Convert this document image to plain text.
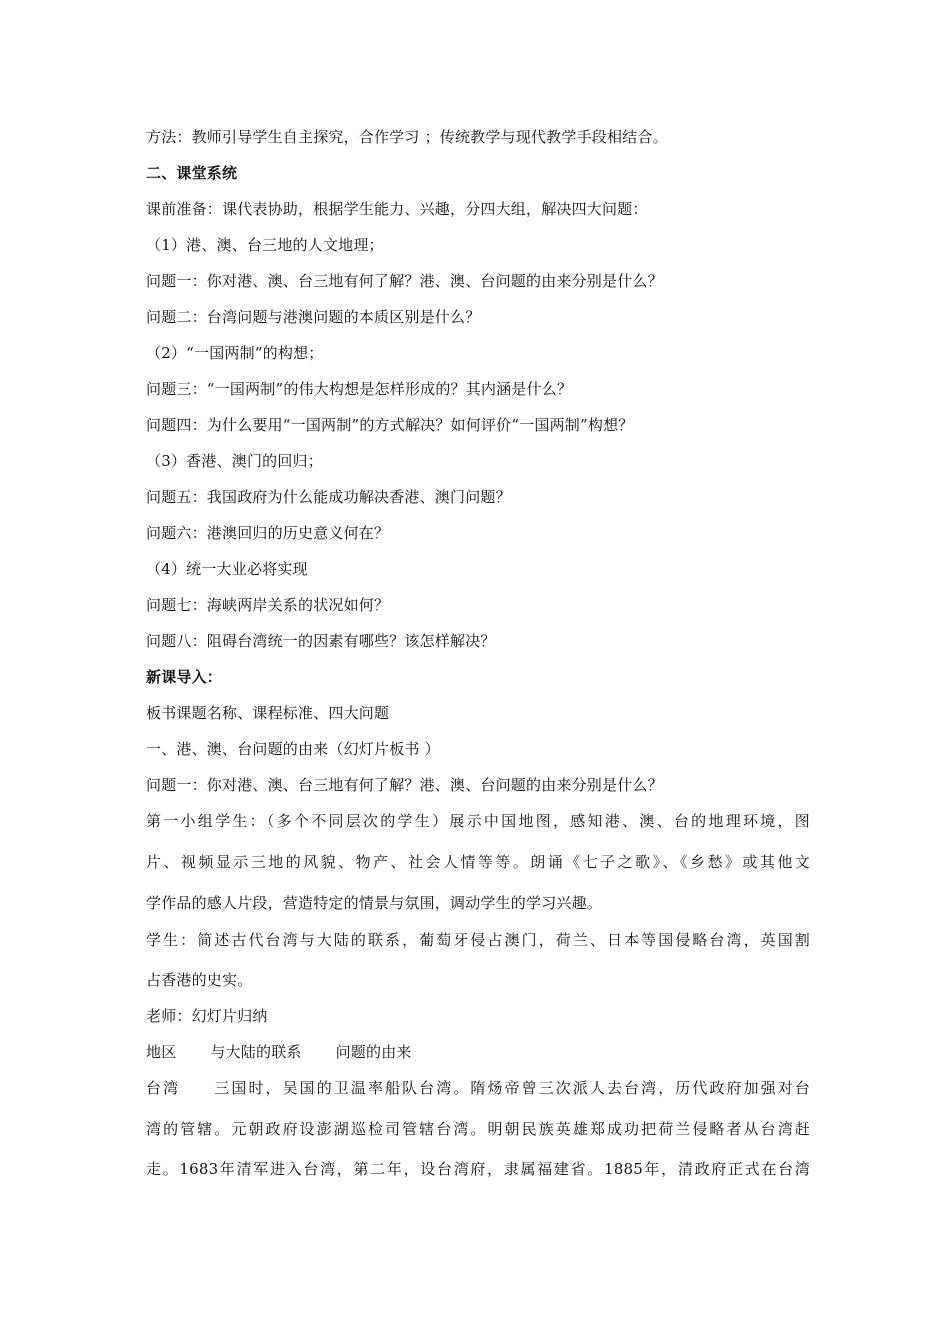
方法：教师引导学生自主探究，合作学习 ；传统教学与现代教学手段相结合。
二、课堂系统
课前准备：课代表协助，根据学生能力、兴趣，分四大组，解决四大问题：
（1）港、澳、台三地的人文地理；
问题一：你对港、澳、台三地有何了解？港、澳、台问题的由来分别是什么？
问题二：台湾问题与港澳问题的本质区别是什么？
（2）“一国两制”的构想；
问题三：“一国两制”的伟大构想是怎样形成的？其内涵是什么？
问题四：为什么要用“一国两制”的方式解决？如何评价“一国两制”构想？
（3）香港、澳门的回归；
问题五：我国政府为什么能成功解决香港、澳门问题？
问题六：港澳回归的历史意义何在？
（4）统一大业必将实现
问题七：海峡两岸关系的状况如何？
问题八：阻碍台湾统一的因素有哪些？该怎样解决？
新课导入：
板书课题名称、课程标准、四大问题
一、港、澳、台问题的由来（幻灯片板书 ）
问题一：你对港、澳、台三地有何了解？港、澳、台问题的由来分别是什么？
第一小组学生：（多个不同层次的学生）展示中国地图，感知港、澳、台的地理环境，图
片、视频显示三地的风貌、物产、社会人情等等。朗诵《七子之歌》、《乡愁》或其他文
学作品的感人片段，营造特定的情景与氛围，调动学生的学习兴趣。
学生：简述古代台湾与大陆的联系，葡萄牙侵占澳门，荷兰、日本等国侵略台湾，英国割
占香港的史实。
老师：幻灯片归纳
地区 与大陆的联系 问题的由来
台湾　　三国时，吴国的卫温率船队台湾。隋炀帝曾三次派人去台湾，历代政府加强对台
湾的管辖。元朝政府设澎湖巡检司管辖台湾。明朝民族英雄郑成功把荷兰侵略者从台湾赶
走。1683年清军进入台湾，第二年，设台湾府，隶属福建省。1885年，清政府正式在台湾
